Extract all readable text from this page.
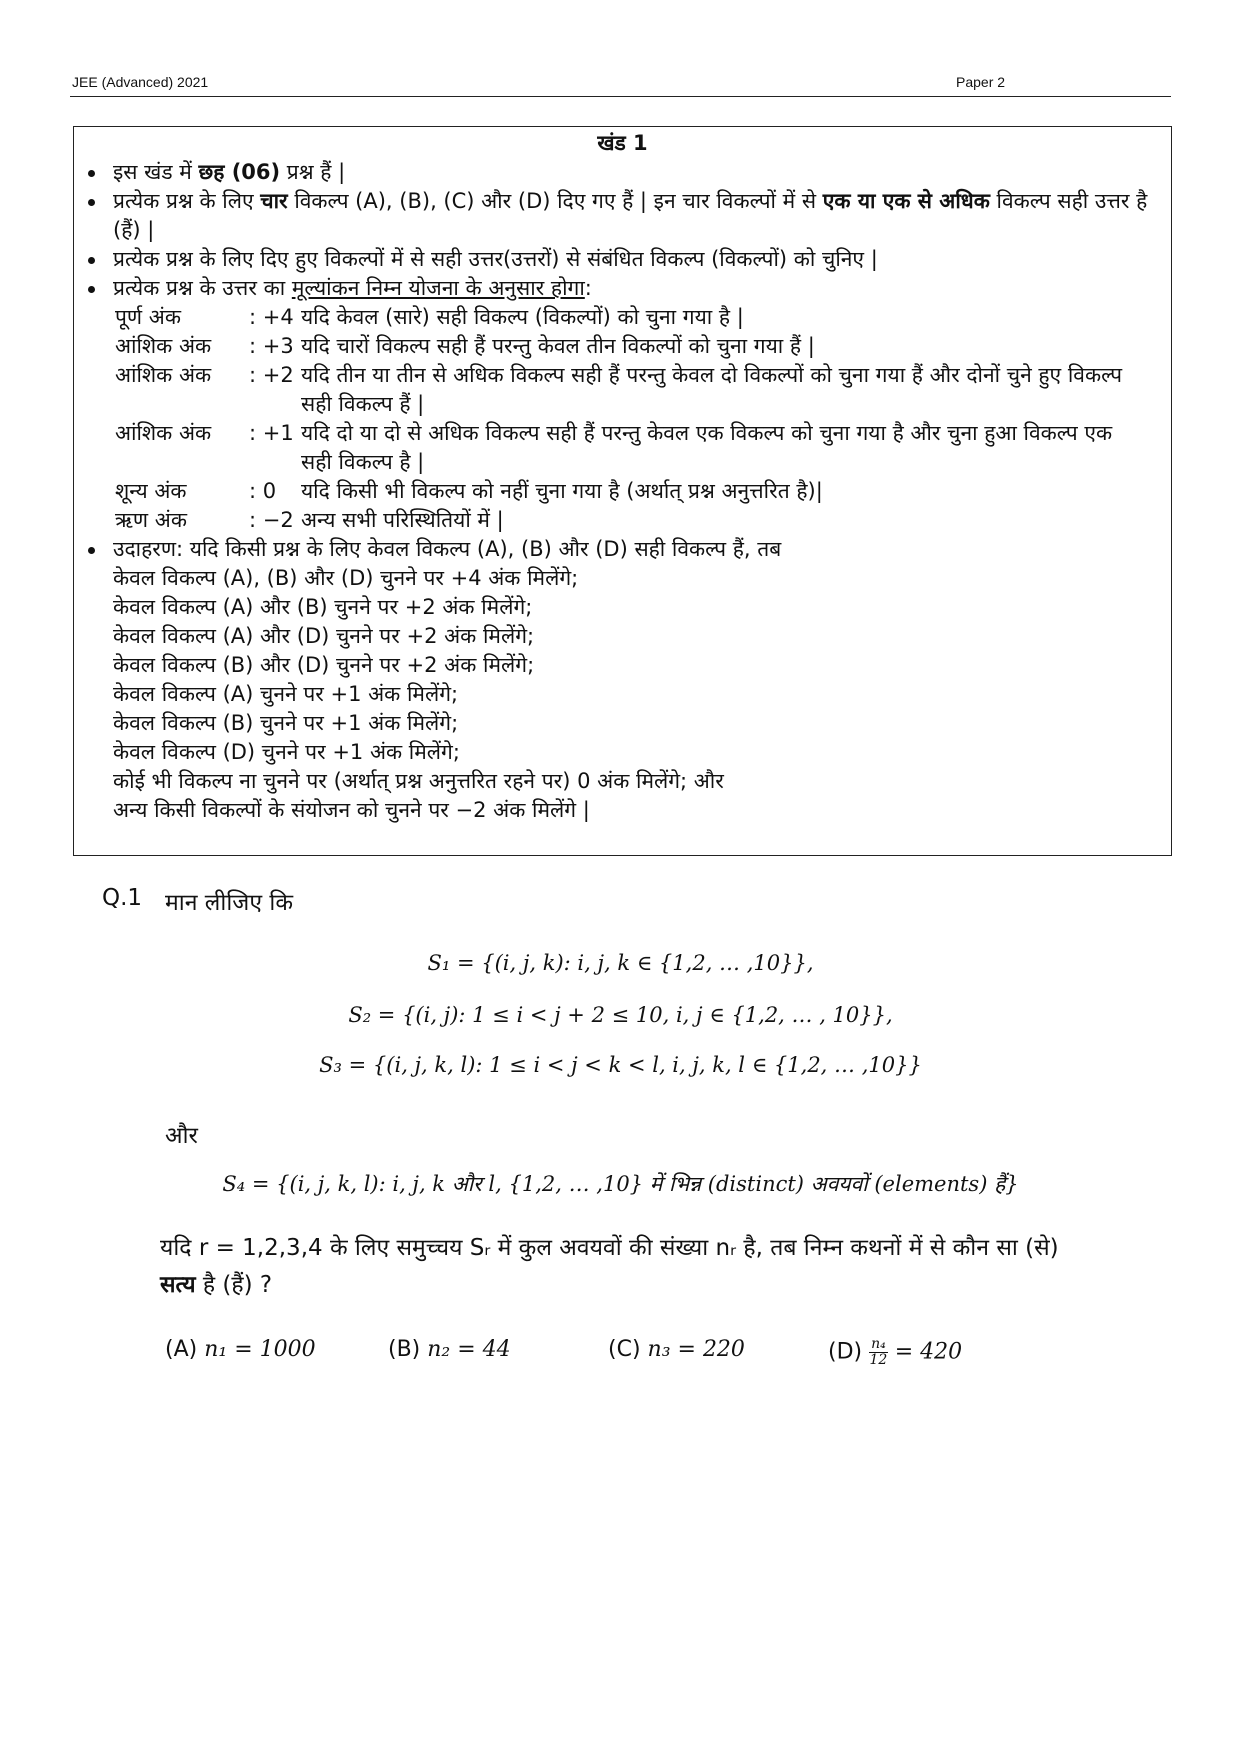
JEE (Advanced) 2021	Paper 2
खंड 1
इस खंड में छह (06) प्रश्न हैं |
प्रत्येक प्रश्न के लिए चार विकल्प (A), (B), (C) और (D) दिए गए हैं | इन चार विकल्पों में से एक या एक से अधिक विकल्प सही उत्तर है (हैं) |
प्रत्येक प्रश्न के लिए दिए हुए विकल्पों में से सही उत्तर(उत्तरों) से संबंधित विकल्प (विकल्पों) को चुनिए |
प्रत्येक प्रश्न के उत्तर का मूल्यांकन निम्न योजना के अनुसार होगा:
पूर्ण अंक	: +4 यदि केवल (सारे) सही विकल्प (विकल्पों) को चुना गया है |
आंशिक अंक	: +3 यदि चारों विकल्प सही हैं परन्तु केवल तीन विकल्पों को चुना गया हैं |
आंशिक अंक	: +2 यदि तीन या तीन से अधिक विकल्प सही हैं परन्तु केवल दो विकल्पों को चुना गया हैं और दोनों चुने हुए विकल्प सही विकल्प हैं |
आंशिक अंक	: +1 यदि दो या दो से अधिक विकल्प सही हैं परन्तु केवल एक विकल्प को चुना गया है और चुना हुआ विकल्प एक सही विकल्प है |
शून्य अंक	: 0	यदि किसी भी विकल्प को नहीं चुना गया है (अर्थात् प्रश्न अनुत्तरित है)|
ऋण अंक	: −2 अन्य सभी परिस्थितियों में |
उदाहरण: यदि किसी प्रश्न के लिए केवल विकल्प (A), (B) और (D) सही विकल्प हैं, तब
केवल विकल्प (A), (B) और (D) चुनने पर +4 अंक मिलेंगे;
केवल विकल्प (A) और (B) चुनने पर +2 अंक मिलेंगे;
केवल विकल्प (A) और (D) चुनने पर +2 अंक मिलेंगे;
केवल विकल्प (B) और (D) चुनने पर +2 अंक मिलेंगे;
केवल विकल्प (A) चुनने पर +1 अंक मिलेंगे;
केवल विकल्प (B) चुनने पर +1 अंक मिलेंगे;
केवल विकल्प (D) चुनने पर +1 अंक मिलेंगे;
कोई भी विकल्प ना चुनने पर (अर्थात् प्रश्न अनुत्तरित रहने पर) 0 अंक मिलेंगे; और
अन्य किसी विकल्पों के संयोजन को चुनने पर −2 अंक मिलेंगे |
Q.1 मान लीजिए कि
S₁ = {(i, j, k): i, j, k ∈ {1,2, … ,10}},
S₂ = {(i, j): 1 ≤ i < j + 2 ≤ 10, i, j ∈ {1,2, … , 10}},
S₃ = {(i, j, k, l): 1 ≤ i < j < k < l, i, j, k, l ∈ {1,2, … ,10}}
और
S₄ = {(i, j, k, l): i, j, k और l, {1,2, … ,10} में भिन्न (distinct) अवयवों (elements) हैं}
यदि r = 1,2,3,4 के लिए समुच्चय Sᵣ में कुल अवयवों की संख्या nᵣ है, तब निम्न कथनों में से कौन सा (से) सत्य है (हैं) ?
(A) n₁ = 1000	(B) n₂ = 44	(C) n₃ = 220	$(D) \frac{\text{n₄}}{12} = 420$
